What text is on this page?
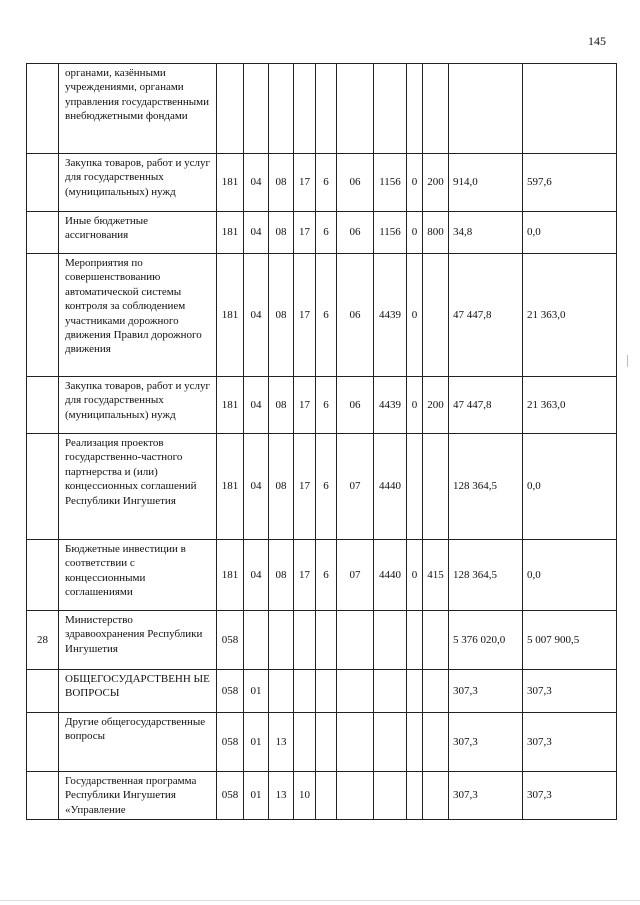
145
	органами, казёнными учреждениями, органами управления государственными внебюджетными фондами											
	Закупка товаров, работ и услуг для государственных (муниципальных) нужд	181	04	08	17	6	06	1156	0	200	914,0	597,6
	Иные бюджетные ассигнования	181	04	08	17	6	06	1156	0	800	34,8	0,0
	Мероприятия по совершенствованию автоматической системы контроля за соблюдением участниками дорожного движения Правил дорожного движения	181	04	08	17	6	06	4439	0		47 447,8	21 363,0
	Закупка товаров, работ и услуг для государственных (муниципальных) нужд	181	04	08	17	6	06	4439	0	200	47 447,8	21 363,0
	Реализация проектов государственно-частного партнерства и (или) концессионных соглашений Республики Ингушетия	181	04	08	17	6	07	4440			128 364,5	0,0
	Бюджетные инвестиции в соответствии с концессионными соглашениями	181	04	08	17	6	07	4440	0	415	128 364,5	0,0
28	Министерство здравоохранения Республики Ингушетия	058									5 376 020,0	5 007 900,5
	ОБЩЕГОСУДАРСТВЕНН ЫЕ ВОПРОСЫ	058	01								307,3	307,3
	Другие общегосударственные вопросы	058	01	13							307,3	307,3
	Государственная программа Республики Ингушетия «Управление	058	01	13	10						307,3	307,3
